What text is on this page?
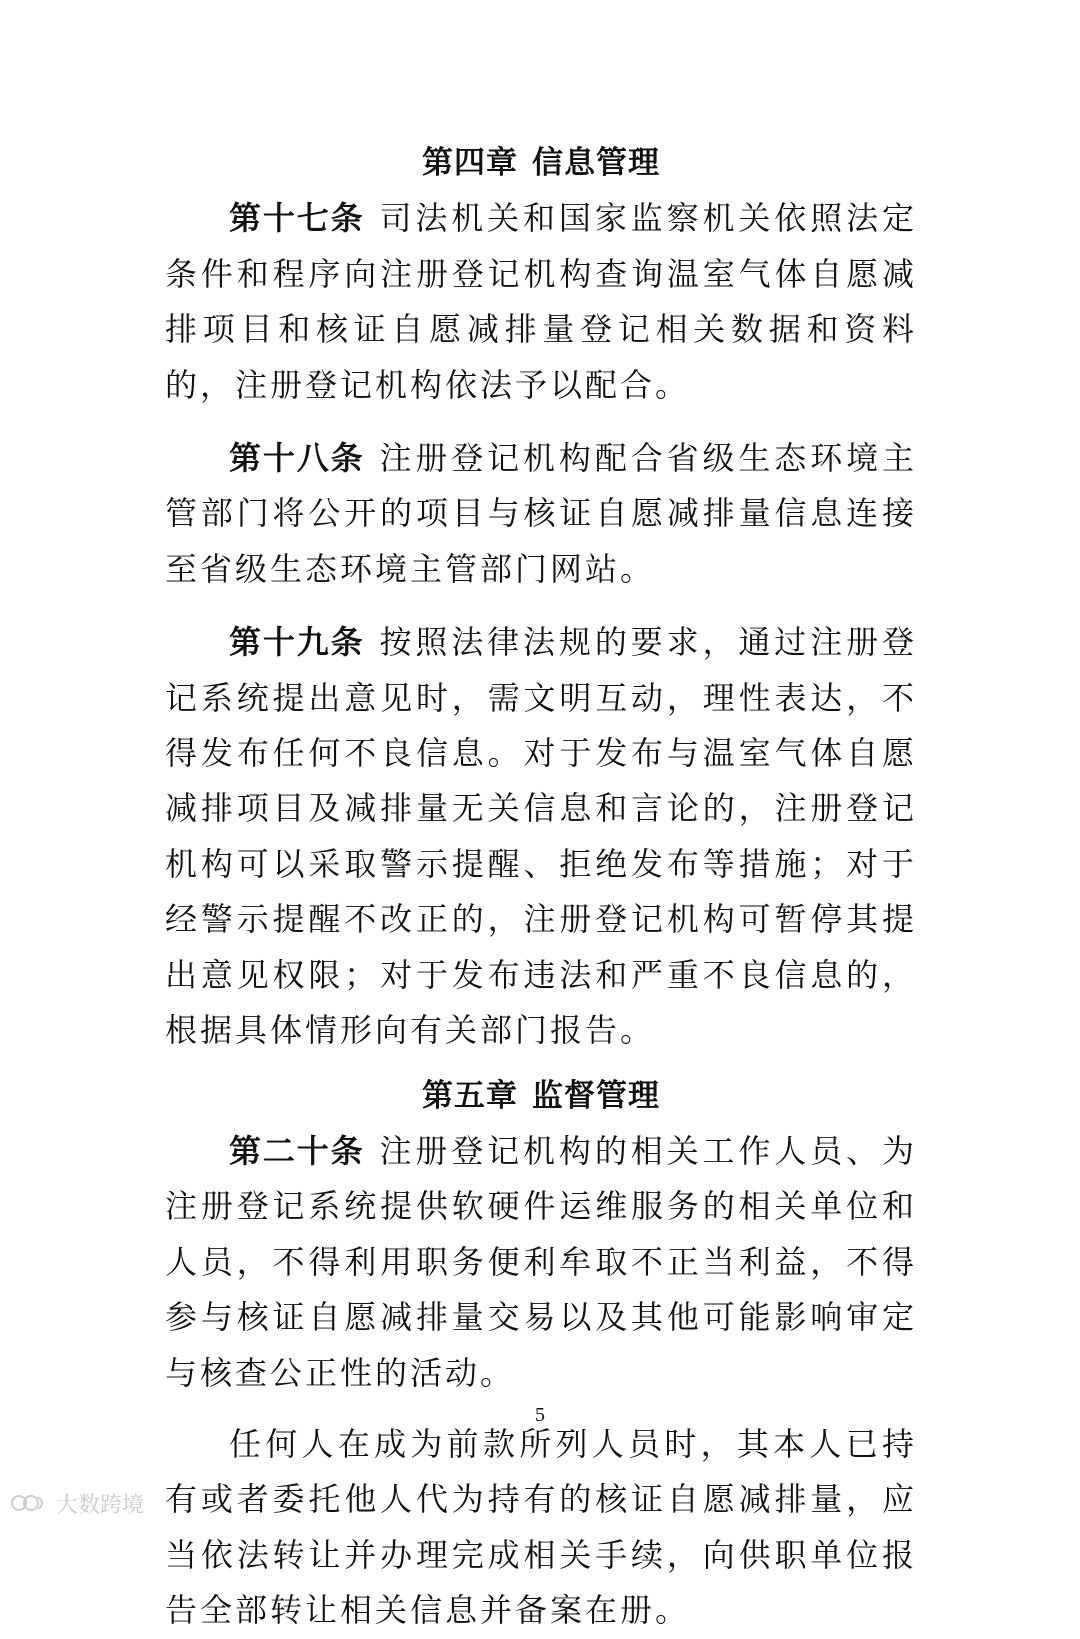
第四章 信息管理

第十七条 司法机关和国家监察机关依照法定条件和程序向注册登记机构查询温室气体自愿减排项目和核证自愿减排量登记相关数据和资料的，注册登记机构依法予以配合。

第十八条 注册登记机构配合省级生态环境主管部门将公开的项目与核证自愿减排量信息连接至省级生态环境主管部门网站。

第十九条 按照法律法规的要求，通过注册登记系统提出意见时，需文明互动，理性表达，不得发布任何不良信息。对于发布与温室气体自愿减排项目及减排量无关信息和言论的，注册登记机构可以采取警示提醒、拒绝发布等措施；对于经警示提醒不改正的，注册登记机构可暂停其提出意见权限；对于发布违法和严重不良信息的，根据具体情形向有关部门报告。

第五章 监督管理

第二十条 注册登记机构的相关工作人员、为注册登记系统提供软硬件运维服务的相关单位和人员，不得利用职务便利牟取不正当利益，不得参与核证自愿减排量交易以及其他可能影响审定与核查公正性的活动。

任何人在成为前款所列人员时，其本人已持有或者委托他人代为持有的核证自愿减排量，应当依法转让并办理完成相关手续，向供职单位报告全部转让相关信息并备案在册。

5
大数跨境
